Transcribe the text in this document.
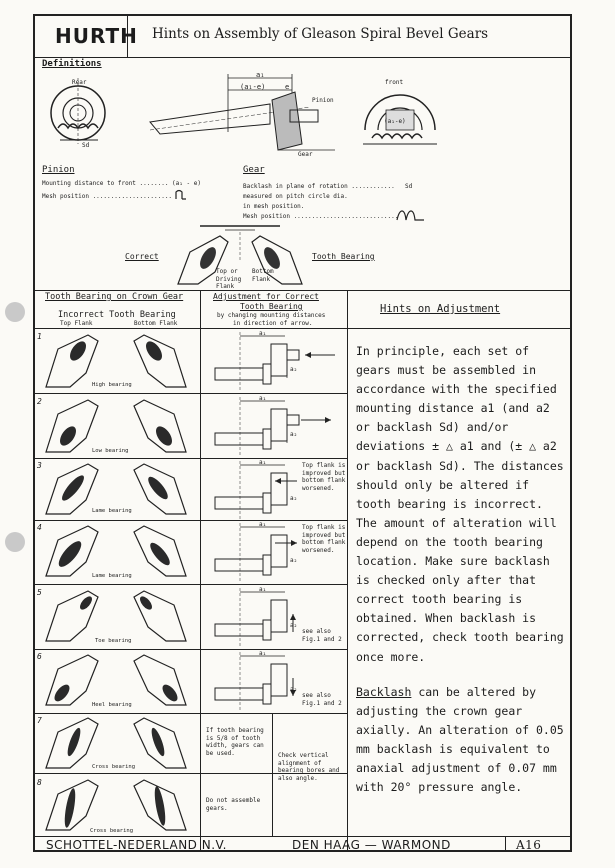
HURTH Hints on Assembly of Gleason Spiral Bevel Gears
Definitions
Rear
Sd
a₁
(a₁-e)	e
Pinion
Gear
front
(a₁-e)
Pinion
Mounting distance to front ........ (a₁ - e)
Mesh position ......................
Gear
Backlash in plane of rotation ............ Sd
measured on pitch circle dia.
in mesh position.
Mesh position .............................
Correct	Tooth Bearing
Top or Driving Flank
Bottom Flank
Tooth Bearing on Crown Gear
Incorrect Tooth Bearing
Top Flank	Bottom Flank
Adjustment for Correct
Tooth Bearing
by changing mounting distances
in direction of arrow.
Hints on Adjustment
1
High bearing
a₁
a₂
2
Low bearing
a₁
a₂
3
Lame bearing
a₁
a₂
Top flank is improved but bottom flank worsened.
4
Lame bearing
a₁
a₂
Top flank is improved but bottom flank worsened.
5
Toe bearing
a₁
a₂
see also Fig.1 and 2
6
Heel bearing
a₁
a₂
see also Fig.1 and 2
7
Cross bearing
If tooth bearing is 5/8 of tooth width, gears can be used.	Check vertical alignment of bearing bores and also angle.
8
Cross bearing
Do not assemble gears.
In principle, each set of gears must be assembled in accordance with the specified mounting distance a1 (and a2 or backlash Sd) and/or deviations ± △ a1 and (± △ a2 or backlash Sd). The distances should only be altered if tooth bearing is incorrect. The amount of alteration will depend on the tooth bearing location. Make sure backlash is checked only after that correct tooth bearing is obtained. When backlash is corrected, check tooth bearing once more.
Backlash can be altered by adjusting the crown gear axially. An alteration of 0.05 mm backlash is equivalent to anaxial adjustment of 0.07 mm with 20° pressure angle.
SCHOTTEL-NEDERLAND N.V.	DEN HAAG — WARMOND	A16
